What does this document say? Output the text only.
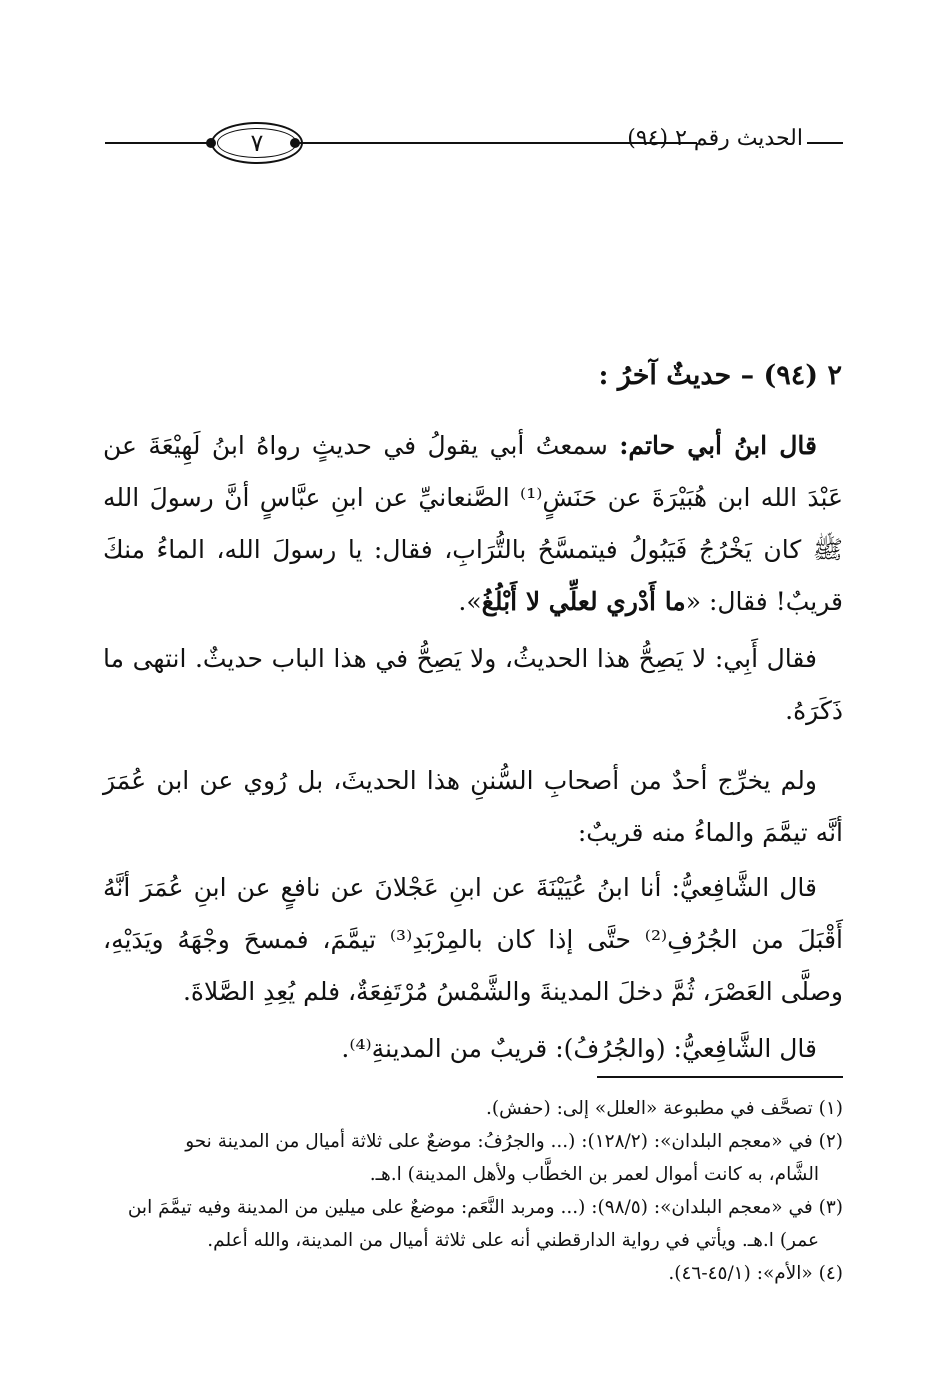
٧	الحديث رقم ٢ (٩٤)
٢ (٩٤) – حديثٌ آخرُ :
قال ابنُ أبي حاتم: سمعتُ أبي يقولُ في حديثٍ رواهُ ابنُ لَهِيْعَةَ عن عَبْدَ الله ابن هُبَيْرَةَ عن حَنَشٍ⁽¹⁾ الصَّنعانيِّ عن ابنِ عبَّاسٍ أنَّ رسولَ الله ﷺ كان يَخْرُجُ فَيَبُولُ فيتمسَّحُ بالتُّرَابِ، فقال: يا رسولَ الله، الماءُ منكَ قريبٌ! فقال: «ما أَدْري لعلِّي لا أَبْلُغُ».
فقال أَبِي: لا يَصِحُّ هذا الحديثُ، ولا يَصِحُّ في هذا الباب حديثٌ. انتهى ما ذَكَرَهُ.
ولم يخرِّج أحدٌ من أصحابِ السُّننِ هذا الحديثَ، بل رُوي عن ابن عُمَرَ أنَّه تيمَّمَ والماءُ منه قريبٌ:
قال الشَّافِعيُّ: أنا ابنُ عُيَيْنَةَ عن ابنِ عَجْلانَ عن نافعٍ عن ابنِ عُمَرَ أنَّهُ أَقْبَلَ من الجُرُفِ⁽²⁾ حتَّى إذا كان بالمِرْبَدِ⁽³⁾ تيمَّمَ، فمسحَ وجْهَهُ ويَدَيْهِ، وصلَّى العَصْرَ، ثُمَّ دخلَ المدينةَ والشَّمْسُ مُرْتَفِعَةٌ، فلم يُعِدِ الصَّلاةَ.
قال الشَّافِعيُّ: (والجُرُفُ): قريبٌ من المدينةِ⁽⁴⁾.

(١) تصحَّف في مطبوعة «العلل» إلى: (حفش).

(٢) في «معجم البلدان»: (١٢٨/٢): (... والجرُفُ: موضعٌ على ثلاثة أميال من المدينة نحو

الشَّام، به كانت أموال لعمر بن الخطَّاب ولأهل المدينة) ا.هـ.

(٣) في «معجم البلدان»: (٩٨/٥): (... ومربد النَّعَم: موضعٌ على ميلين من المدينة وفيه تيمَّمَ ابن

عمر) ا.هـ. ويأتي في رواية الدارقطني أنه على ثلاثة أميال من المدينة، والله أعلم.

(٤) «الأم»: (٤٥/١-٤٦).
